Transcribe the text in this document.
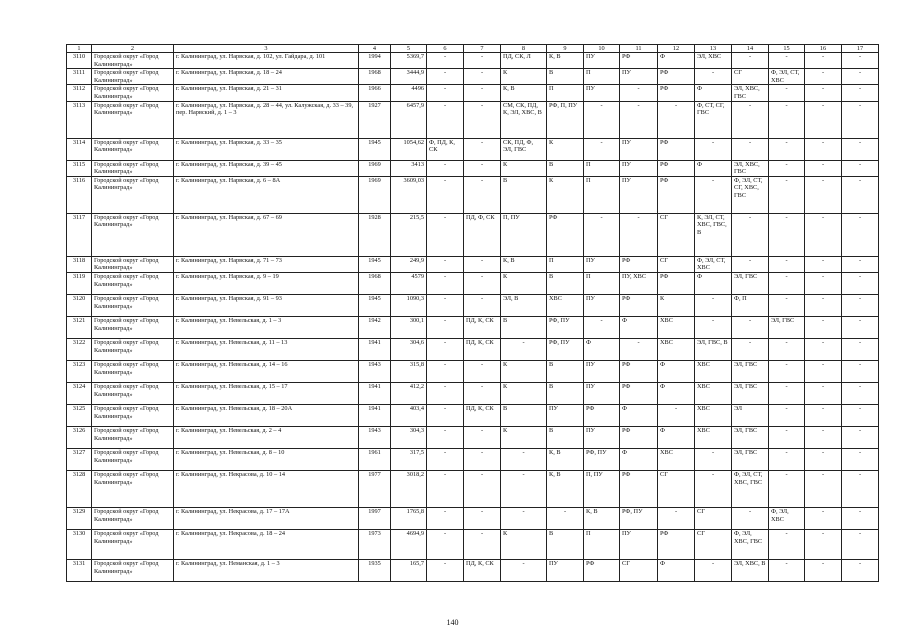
1	2	3	4	5	6	7	8	9	10	11	12	13	14	15	16	17
3110	Городской округ «Город Калининград»	г. Калининград, ул. Нарвская, д. 102, ул. Гайдара, д. 101	1994	5369,7	-	-	ПД, СК, Л	К, В	ПУ	РФ	Ф	ЭЛ, ХВС	-	-	-	-
3111	Городской округ «Город Калининград»	г. Калининград, ул. Нарвская, д. 18 – 24	1968	3444,9	-	-	К	В	П	ПУ	РФ	-	СГ	Ф, ЭЛ, СТ, ХВС	-	-
3112	Городской округ «Город Калининград»	г. Калининград, ул. Нарвская, д. 21 – 31	1966	4496	-	-	К, В	П	ПУ	-	РФ	Ф	ЭЛ, ХВС, ГВС	-	-	-
3113	Городской округ «Город Калининград»	г. Калининград, ул. Нарвская, д. 28 – 44, ул. Калужская, д. 33 – 39, пер. Нарвский, д. 1 – 3	1927	6457,9	-	-	СМ, СК, ПД, К, ЭЛ, ХВС, В	РФ, П, ПУ	-	-	-	Ф, СТ, СГ, ГВС	-	-	-	-
3114	Городской округ «Город Калининград»	г. Калининград, ул. Нарвская, д. 33 – 35	1945	1054,62	Ф, ПД, К, СК	-	СК, ПД, Ф, ЭЛ, ГВС	К	-	ПУ	РФ	-	-	-	-	-
3115	Городской округ «Город Калининград»	г. Калининград, ул. Нарвская, д. 39 – 45	1969	3413	-	-	К	В	П	ПУ	РФ	Ф	ЭЛ, ХВС, ГВС	-	-	-
3116	Городской округ «Город Калининград»	г. Калининград, ул. Нарвская, д. 6 – 8А	1969	3609,03	-	-	В	К	П	ПУ	РФ	-	Ф, ЭЛ, СТ, СГ, ХВС, ГВС	-	-	-
3117	Городской округ «Город Калининград»	г. Калининград, ул. Нарвская, д. 67 – 69	1928	215,5	-	ПД, Ф, СК	П, ПУ	РФ	-	-	СГ	К, ЭЛ, СТ, ХВС, ГВС, В	-	-	-	-
3118	Городской округ «Город Калининград»	г. Калининград, ул. Нарвская, д. 71 – 73	1945	249,9	-	-	К, В	П	ПУ	РФ	СГ	Ф, ЭЛ, СТ, ХВС	-	-	-	-
3119	Городской округ «Город Калининград»	г. Калининград, ул. Нарвская, д. 9 – 19	1968	4579	-	-	К	В	П	ПУ, ХВС	РФ	Ф	ЭЛ, ГВС	-	-	-
3120	Городской округ «Город Калининград»	г. Калининград, ул. Нарвская, д. 91 – 93	1945	1090,3	-	-	ЭЛ, В	ХВС	ПУ	РФ	К	-	Ф, П	-	-	-
3121	Городской округ «Город Калининград»	г. Калининград, ул. Невельская, д. 1 – 3	1942	300,1	-	ПД, К, СК	В	РФ, ПУ	-	Ф	ХВС	-	-	ЭЛ, ГВС	-	-
3122	Городской округ «Город Калининград»	г. Калининград, ул. Невельская, д. 11 – 13	1941	304,6	-	ПД, К, СК	-	РФ, ПУ	Ф	-	ХВС	ЭЛ, ГВС, В	-	-	-	-
3123	Городской округ «Город Калининград»	г. Калининград, ул. Невельская, д. 14 – 16	1943	315,8	-	-	К	В	ПУ	РФ	Ф	ХВС	ЭЛ, ГВС	-	-	-
3124	Городской округ «Город Калининград»	г. Калининград, ул. Невельская, д. 15 – 17	1941	412,2	-	-	К	В	ПУ	РФ	Ф	ХВС	ЭЛ, ГВС	-	-	-
3125	Городской округ «Город Калининград»	г. Калининград, ул. Невельская, д. 18 – 20А	1941	403,4	-	ПД, К, СК	В	ПУ	РФ	Ф	-	ХВС	ЭЛ	-	-	-
3126	Городской округ «Город Калининград»	г. Калининград, ул. Невельская, д. 2 – 4	1943	304,3	-	-	К	В	ПУ	РФ	Ф	ХВС	ЭЛ, ГВС	-	-	-
3127	Городской округ «Город Калининград»	г. Калининград, ул. Невельская, д. 8 – 10	1961	317,5	-	-	-	К, В	РФ, ПУ	Ф	ХВС	-	ЭЛ, ГВС	-	-	-
3128	Городской округ «Город Калининград»	г. Калининград, ул. Некрасова, д. 10 – 14	1977	3018,2	-	-	-	К, В	П, ПУ	РФ	СГ	-	Ф, ЭЛ, СТ, ХВС, ГВС	-	-	-
3129	Городской округ «Город Калининград»	г. Калининград, ул. Некрасова, д. 17 – 17А	1997	1765,8	-	-	-	-	К, В	РФ, ПУ	-	СГ	-	Ф, ЭЛ, ХВС	-	-
3130	Городской округ «Город Калининград»	г. Калининград, ул. Некрасова, д. 18 – 24	1973	4694,9	-	-	К	В	П	ПУ	РФ	СГ	Ф, ЭЛ, ХВС, ГВС	-	-	-
3131	Городской округ «Город Калининград»	г. Калининград, ул. Неманская, д. 1 – 3	1935	165,7	-	ПД, К, СК	-	ПУ	РФ	СГ	Ф	-	ЭЛ, ХВС, В	-	-	-
140
